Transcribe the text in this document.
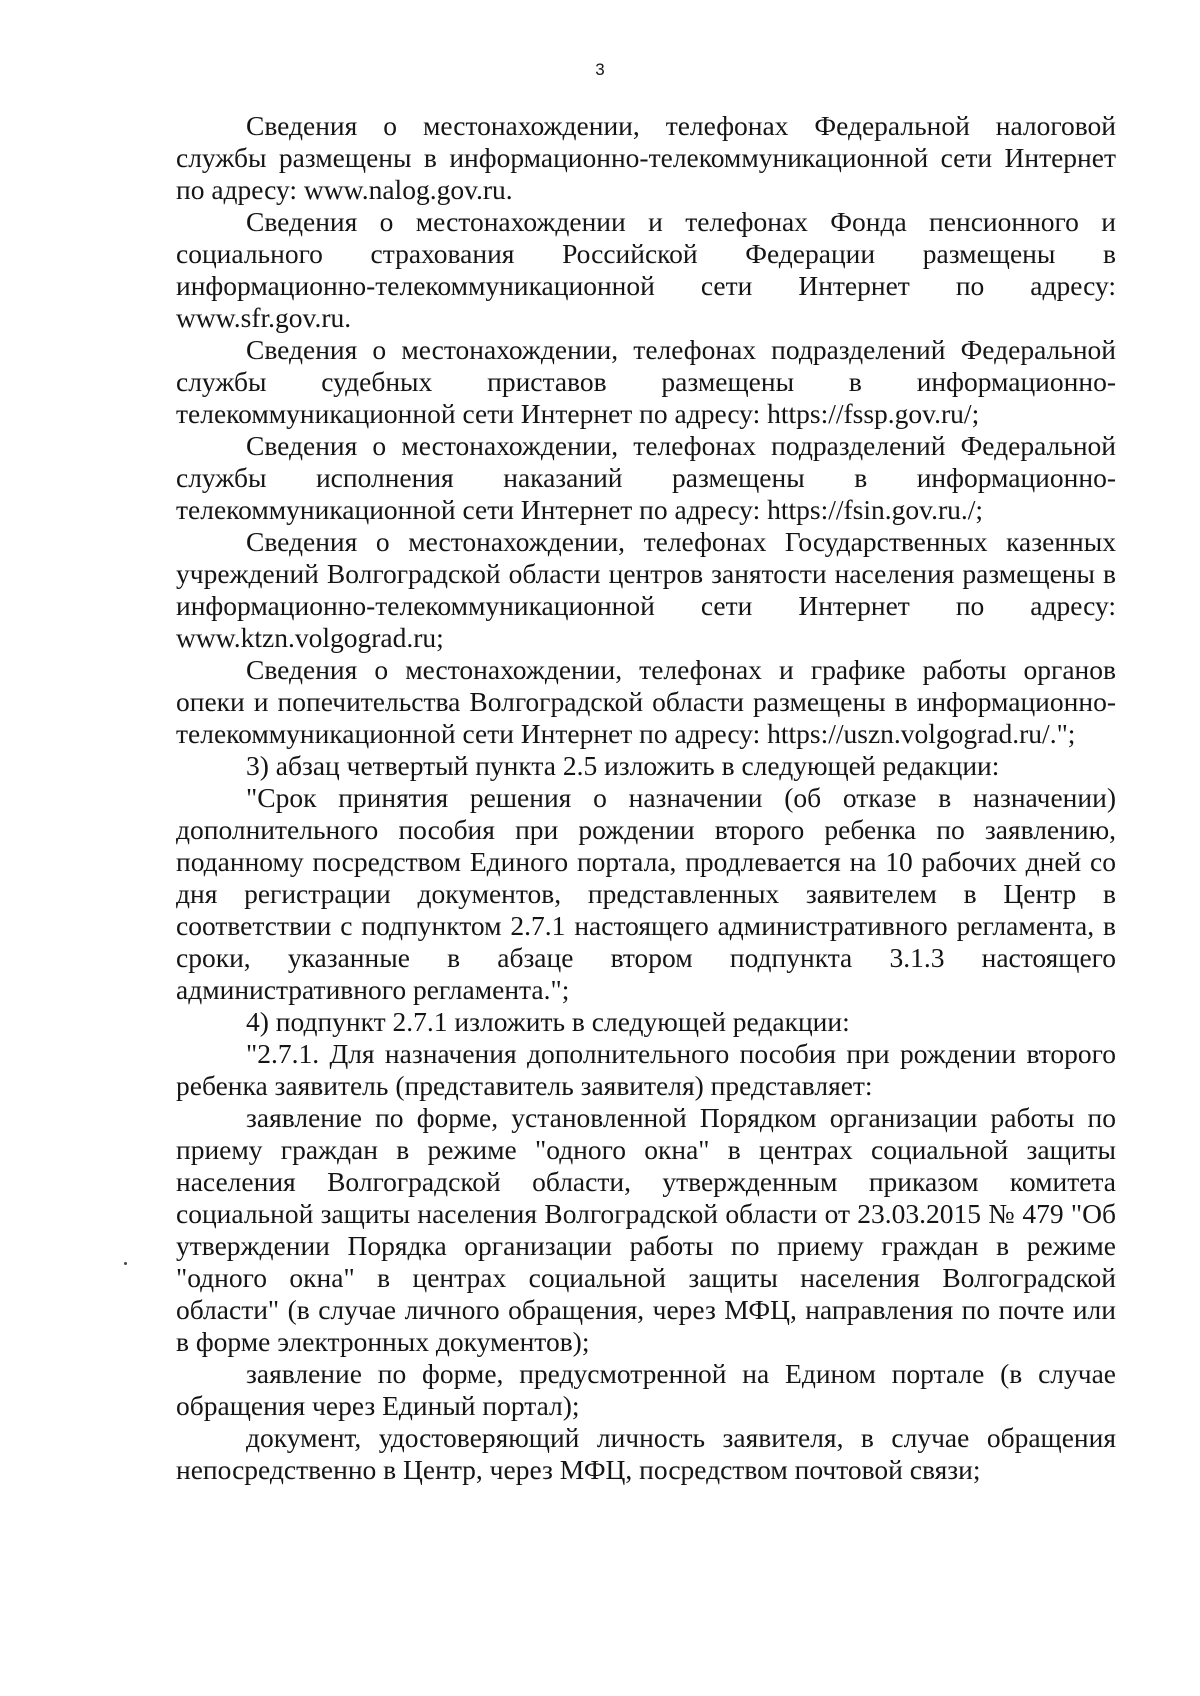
3

Сведения о местонахождении, телефонах Федеральной налоговой службы размещены в информационно-телекоммуникационной сети Интернет по адресу: www.nalog.gov.ru.

Сведения о местонахождении и телефонах Фонда пенсионного и социального страхования Российской Федерации размещены в информационно-телекоммуникационной сети Интернет по адресу: www.sfr.gov.ru.

Сведения о местонахождении, телефонах подразделений Федеральной службы судебных приставов размещены в информационно-телекоммуникационной сети Интернет по адресу: https://fssp.gov.ru/;

Сведения о местонахождении, телефонах подразделений Федеральной службы исполнения наказаний размещены в информационно-телекоммуникационной сети Интернет по адресу: https://fsin.gov.ru./;

Сведения о местонахождении, телефонах Государственных казенных учреждений Волгоградской области центров занятости населения размещены в информационно-телекоммуникационной сети Интернет по адресу: www.ktzn.volgograd.ru;

Сведения о местонахождении, телефонах и графике работы органов опеки и попечительства Волгоградской области размещены в информационно-телекоммуникационной сети Интернет по адресу: https://uszn.volgograd.ru/.";

3) абзац четвертый пункта 2.5 изложить в следующей редакции:

"Срок принятия решения о назначении (об отказе в назначении) дополнительного пособия при рождении второго ребенка по заявлению, поданному посредством Единого портала, продлевается на 10 рабочих дней со дня регистрации документов, представленных заявителем в Центр в соответствии с подпунктом 2.7.1 настоящего административного регламента, в сроки, указанные в абзаце втором подпункта 3.1.3 настоящего административного регламента.";

4) подпункт 2.7.1 изложить в следующей редакции:

"2.7.1. Для назначения дополнительного пособия при рождении второго ребенка заявитель (представитель заявителя) представляет:

заявление по форме, установленной Порядком организации работы по приему граждан в режиме "одного окна" в центрах социальной защиты населения Волгоградской области, утвержденным приказом комитета социальной защиты населения Волгоградской области от 23.03.2015 № 479 "Об утверждении Порядка организации работы по приему граждан в режиме "одного окна" в центрах социальной защиты населения Волгоградской области" (в случае личного обращения, через МФЦ, направления по почте или в форме электронных документов);

заявление по форме, предусмотренной на Едином портале (в случае обращения через Единый портал);

документ, удостоверяющий личность заявителя, в случае обращения непосредственно в Центр, через МФЦ, посредством почтовой связи;
